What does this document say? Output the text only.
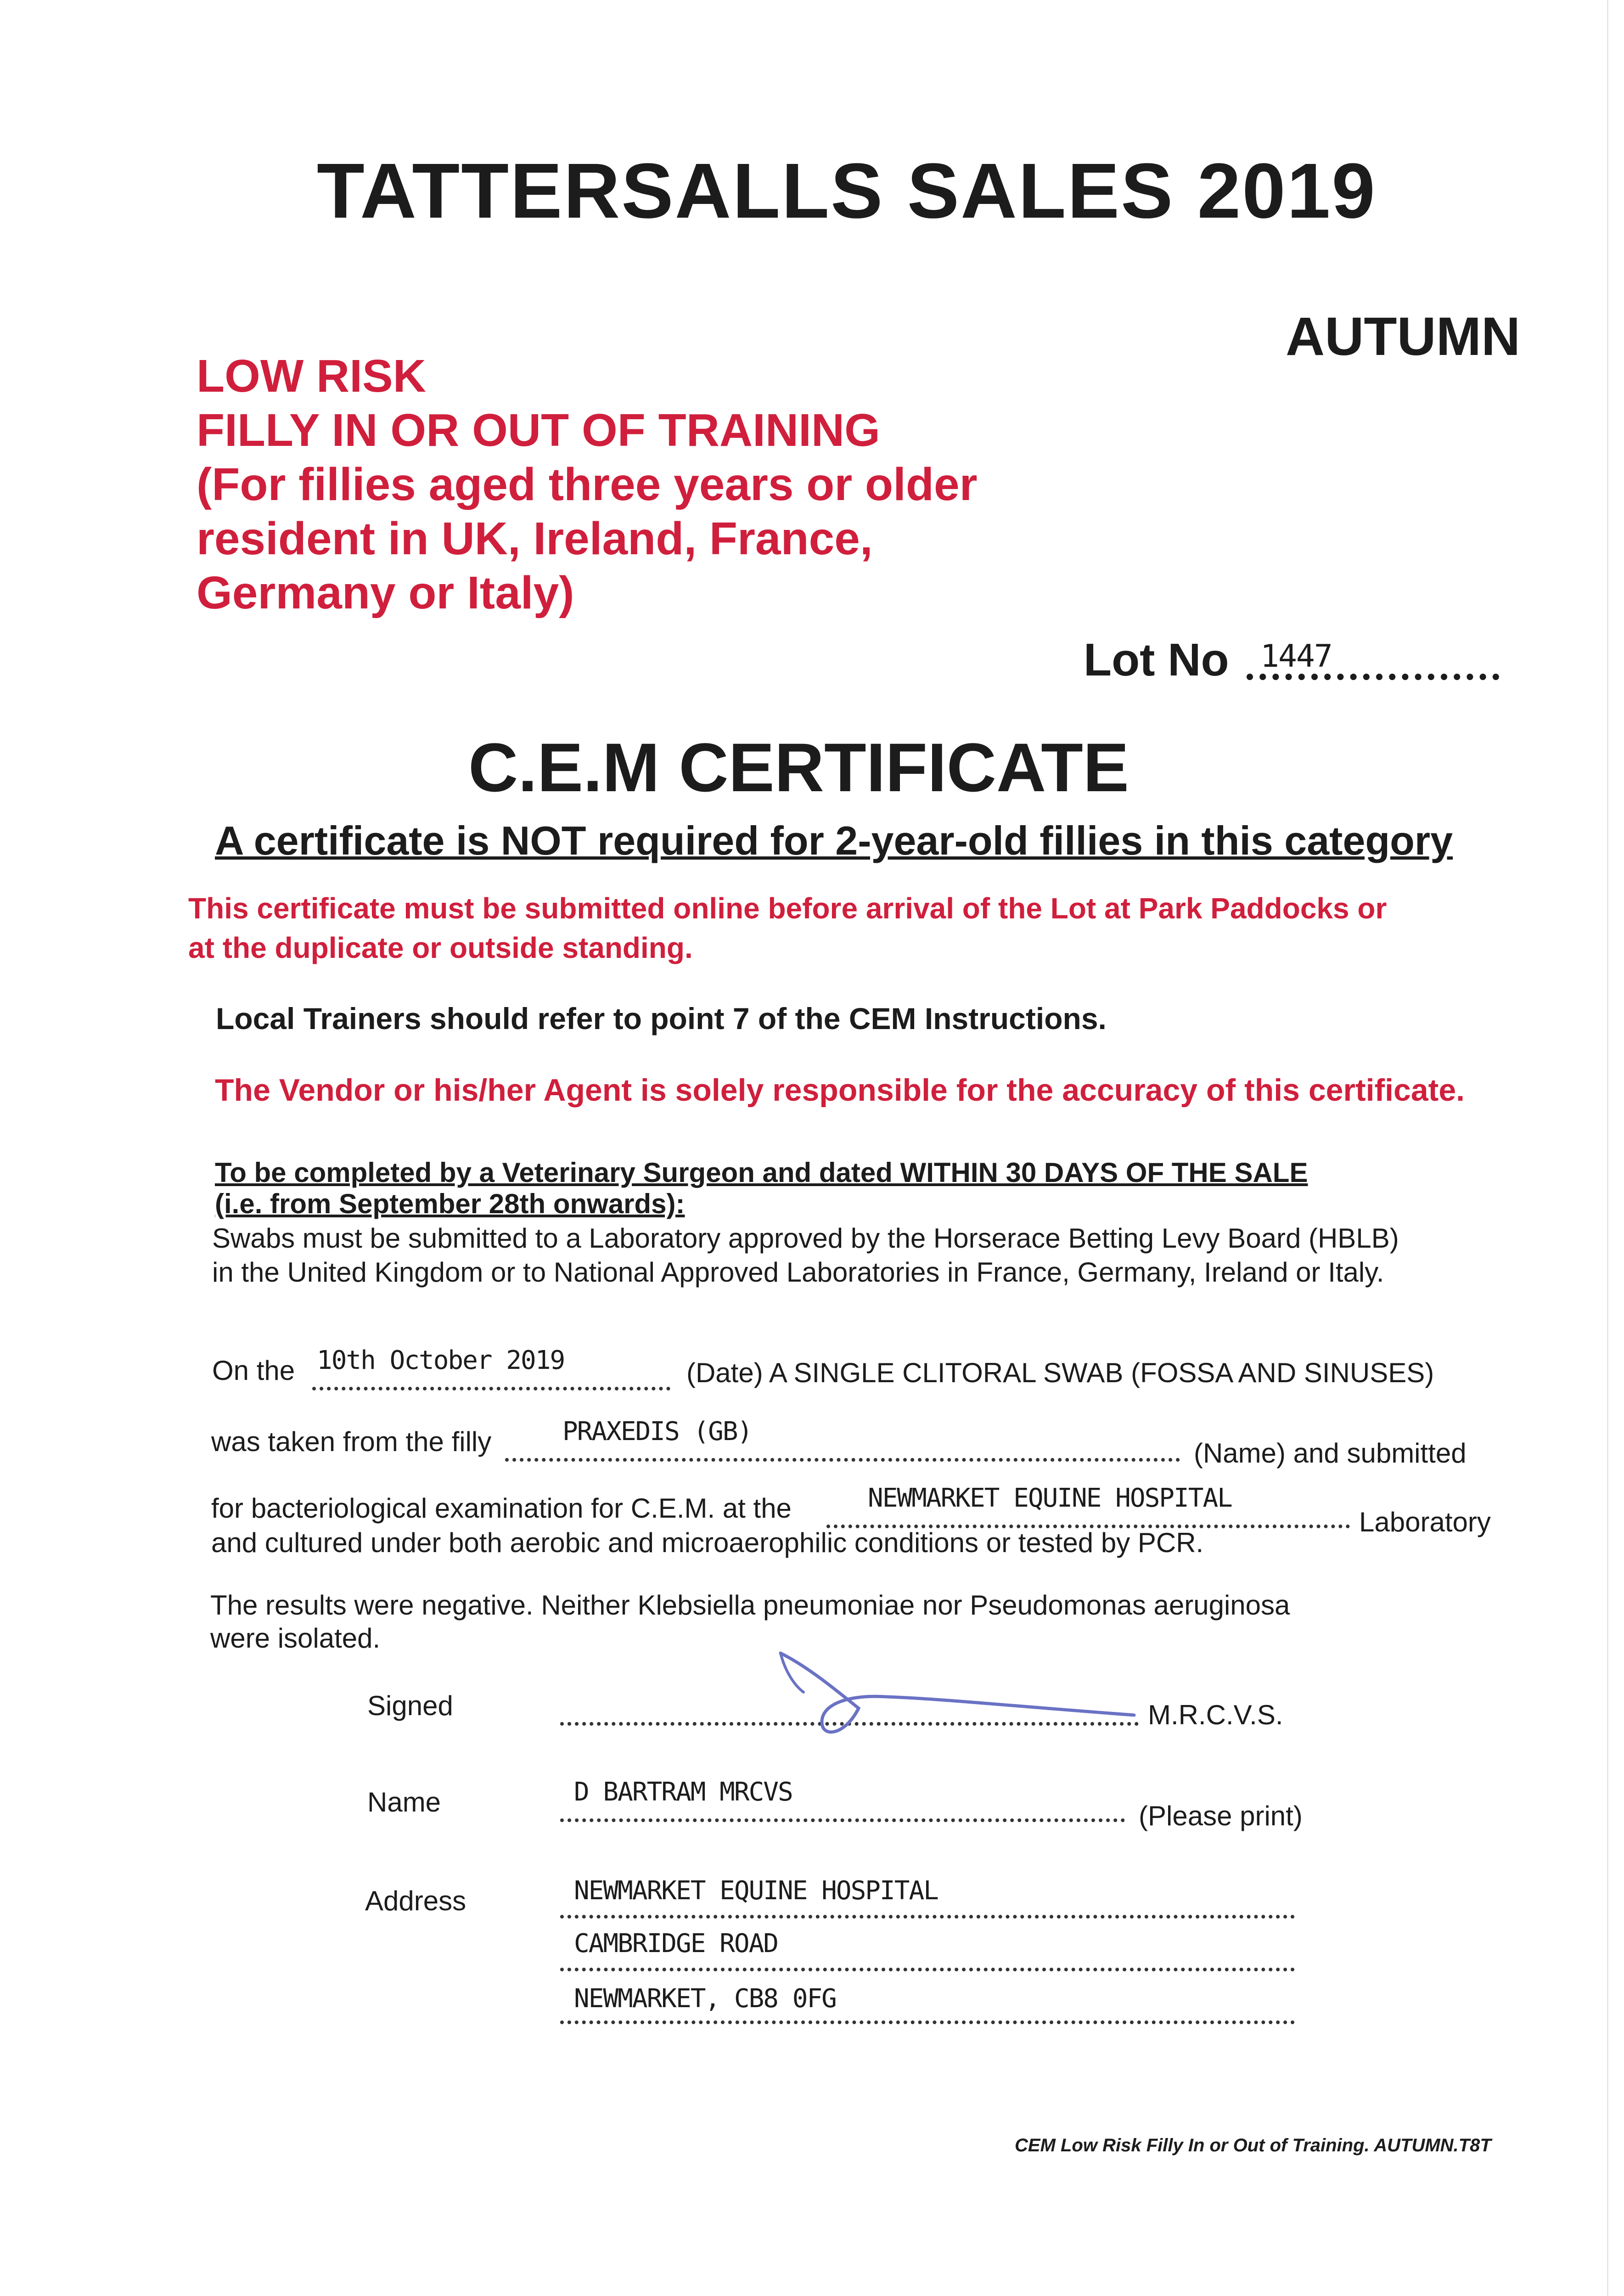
TATTERSALLS SALES 2019
AUTUMN
LOW RISK
FILLY IN OR OUT OF TRAINING
(For fillies aged three years or older
resident in UK, Ireland, France,
Germany or Italy)
Lot No 1447
C.E.M CERTIFICATE
A certificate is NOT required for 2-year-old fillies in this category
This certificate must be submitted online before arrival of the Lot at Park Paddocks or
at the duplicate or outside standing.
Local Trainers should refer to point 7 of the CEM Instructions.
The Vendor or his/her Agent is solely responsible for the accuracy of this certificate.
To be completed by a Veterinary Surgeon and dated WITHIN 30 DAYS OF THE SALE
(i.e. from September 28th onwards):
Swabs must be submitted to a Laboratory approved by the Horserace Betting Levy Board (HBLB)
in the United Kingdom or to National Approved Laboratories in France, Germany, Ireland or Italy.
On the 10th October 2019	(Date) A SINGLE CLITORAL SWAB (FOSSA AND SINUSES)
was taken from the filly	PRAXEDIS (GB)
(Name) and submitted
for bacteriological examination for C.E.M. at the	NEWMARKET EQUINE HOSPITAL
Laboratory
and cultured under both aerobic and microaerophilic conditions or tested by PCR.
The results were negative. Neither Klebsiella pneumoniae nor Pseudomonas aeruginosa
were isolated.
Signed	M.R.C.V.S.
Name	D BARTRAM MRCVS
(Please print)
Address	NEWMARKET EQUINE HOSPITAL
CAMBRIDGE ROAD
NEWMARKET, CB8 0FG
CEM Low Risk Filly In or Out of Training. AUTUMN.T8T
